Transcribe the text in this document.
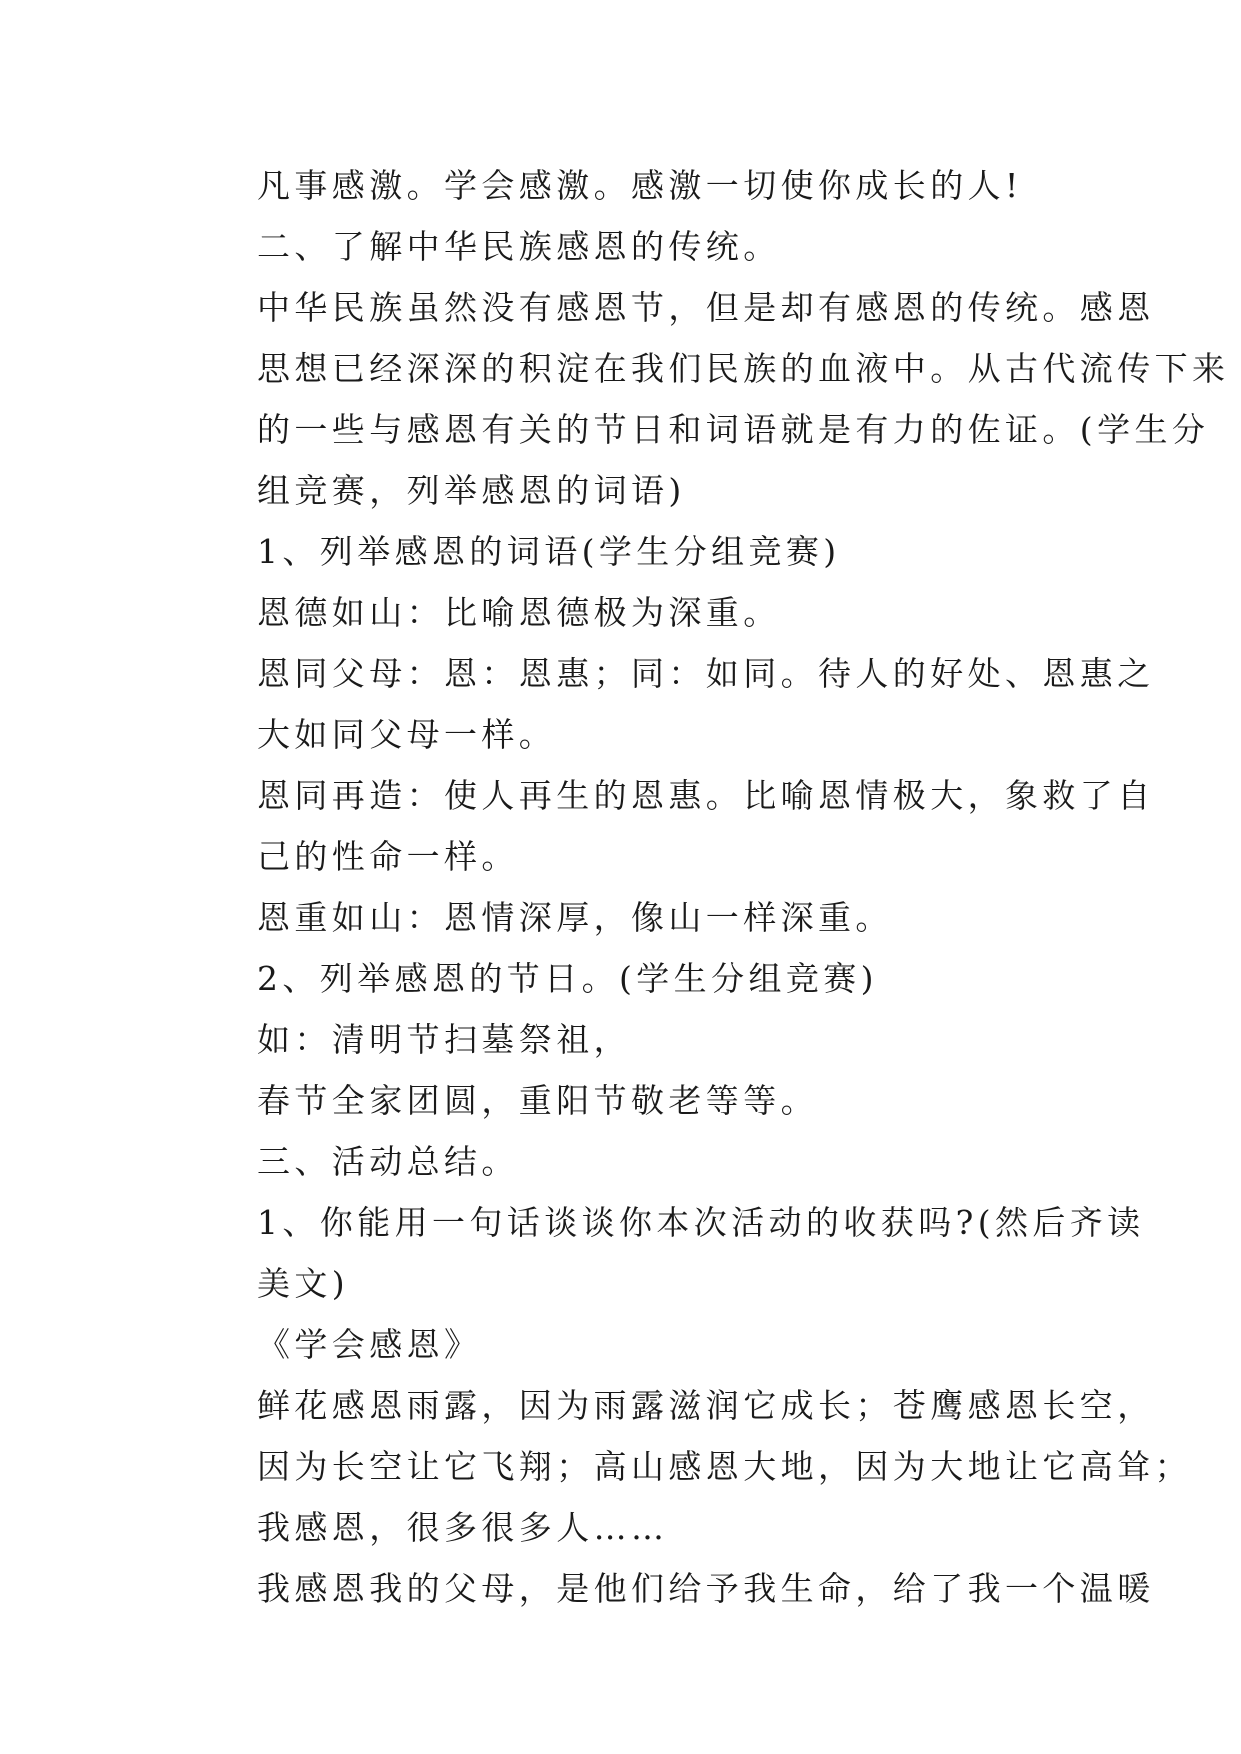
凡事感激。学会感激。感激一切使你成长的人!
二、了解中华民族感恩的传统。
中华民族虽然没有感恩节，但是却有感恩的传统。感恩
思想已经深深的积淀在我们民族的血液中。从古代流传下来
的一些与感恩有关的节日和词语就是有力的佐证。(学生分
组竞赛，列举感恩的词语)
1、列举感恩的词语(学生分组竞赛)
恩德如山：比喻恩德极为深重。
恩同父母：恩：恩惠；同：如同。待人的好处、恩惠之
大如同父母一样。
恩同再造：使人再生的恩惠。比喻恩情极大，象救了自
己的性命一样。
恩重如山：恩情深厚，像山一样深重。
2、列举感恩的节日。(学生分组竞赛)
如：清明节扫墓祭祖，
春节全家团圆，重阳节敬老等等。
三、活动总结。
1、你能用一句话谈谈你本次活动的收获吗?(然后齐读
美文)
《学会感恩》
鲜花感恩雨露，因为雨露滋润它成长；苍鹰感恩长空，
因为长空让它飞翔；高山感恩大地，因为大地让它高耸；
我感恩，很多很多人……
我感恩我的父母，是他们给予我生命，给了我一个温暖
